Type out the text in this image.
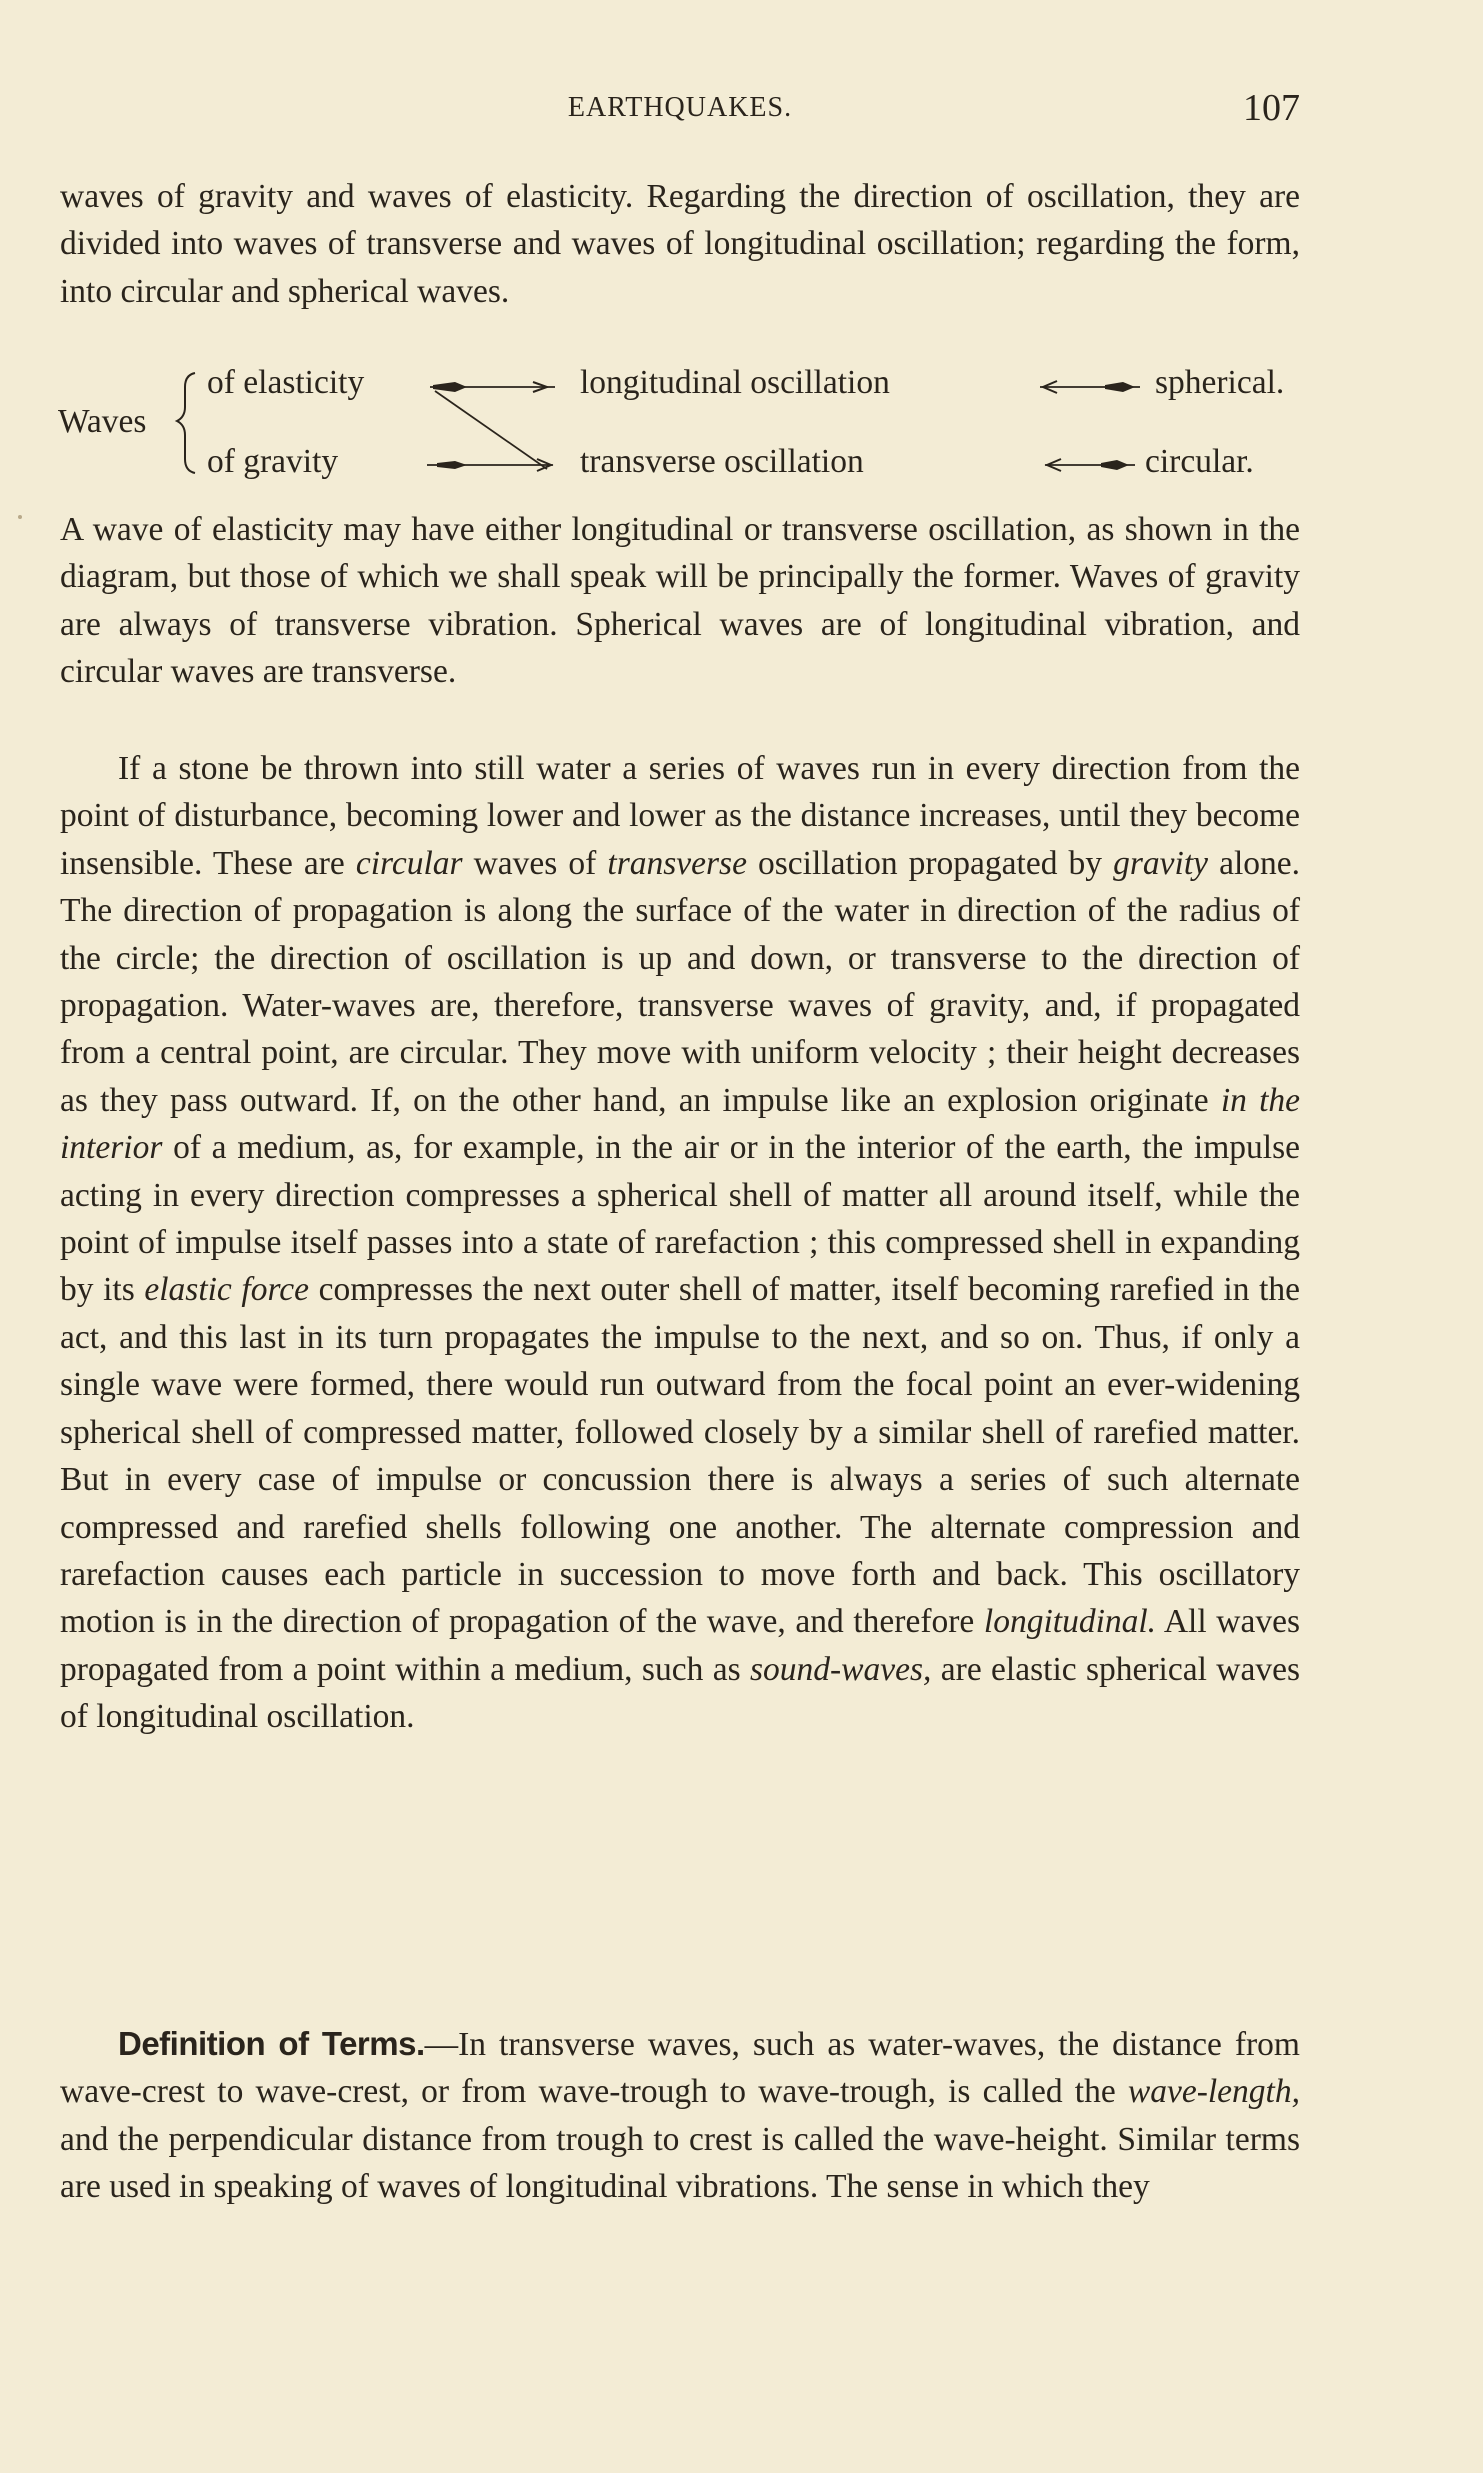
EARTHQUAKES.	107

waves of gravity and waves of elasticity. Regarding the direction of oscillation, they are divided into waves of transverse and waves of longitudinal oscillation; regarding the form, into circular and spherical waves.

Waves
of elasticity
of gravity
longitudinal oscillation
transverse oscillation
spherical.
circular.

A wave of elasticity may have either longitudinal or transverse oscillation, as shown in the diagram, but those of which we shall speak will be principally the former. Waves of gravity are always of transverse vibration. Spherical waves are of longitudinal vibration, and circular waves are transverse.

If a stone be thrown into still water a series of waves run in every direction from the point of disturbance, becoming lower and lower as the distance increases, until they become insensible. These are circular waves of transverse oscillation propagated by gravity alone. The direction of propagation is along the surface of the water in direction of the radius of the circle; the direction of oscillation is up and down, or transverse to the direction of propagation. Water-waves are, therefore, transverse waves of gravity, and, if propagated from a central point, are circular. They move with uniform velocity ; their height decreases as they pass outward. If, on the other hand, an impulse like an explosion originate in the interior of a medium, as, for example, in the air or in the interior of the earth, the impulse acting in every direction compresses a spherical shell of matter all around itself, while the point of impulse itself passes into a state of rarefaction ; this compressed shell in expanding by its elastic force compresses the next outer shell of matter, itself becoming rarefied in the act, and this last in its turn propagates the impulse to the next, and so on. Thus, if only a single wave were formed, there would run outward from the focal point an ever-widening spherical shell of compressed matter, followed closely by a similar shell of rarefied matter. But in every case of impulse or concussion there is always a series of such alternate compressed and rarefied shells following one another. The alternate compression and rarefaction causes each particle in succession to move forth and back. This oscillatory motion is in the direction of propagation of the wave, and therefore longitudinal. All waves propagated from a point within a medium, such as sound-waves, are elastic spherical waves of longitudinal oscillation.

Definition of Terms.—In transverse waves, such as water-waves, the distance from wave-crest to wave-crest, or from wave-trough to wave-trough, is called the wave-length, and the perpendicular distance from trough to crest is called the wave-height. Similar terms are used in speaking of waves of longitudinal vibrations. The sense in which they
